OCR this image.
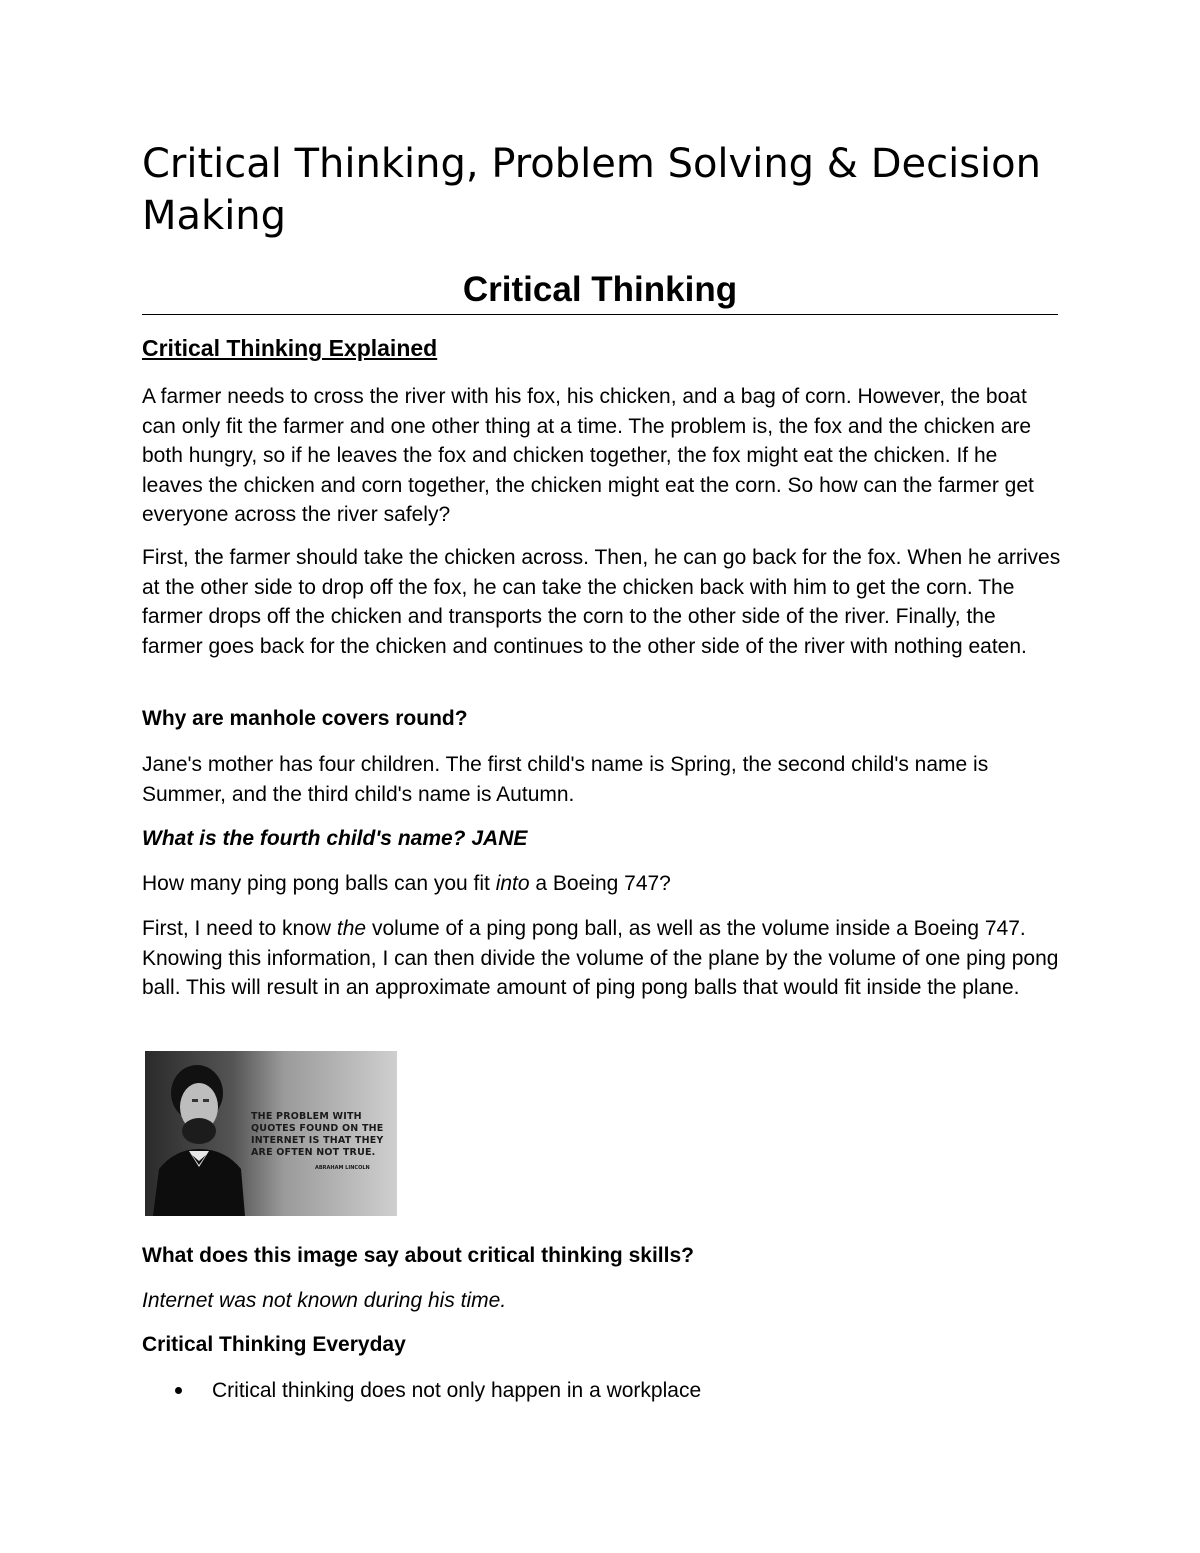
Critical Thinking, Problem Solving & Decision Making
Critical Thinking

Critical Thinking Explained

A farmer needs to cross the river with his fox, his chicken, and a bag of corn. However, the boat can only fit the farmer and one other thing at a time. The problem is, the fox and the chicken are both hungry, so if he leaves the fox and chicken together, the fox might eat the chicken. If he leaves the chicken and corn together, the chicken might eat the corn. So how can the farmer get everyone across the river safely?

First, the farmer should take the chicken across. Then, he can go back for the fox. When he arrives at the other side to drop off the fox, he can take the chicken back with him to get the corn. The farmer drops off the chicken and transports the corn to the other side of the river. Finally, the farmer goes back for the chicken and continues to the other side of the river with nothing eaten.

Why are manhole covers round?

Jane's mother has four children. The first child's name is Spring, the second child's name is Summer, and the third child's name is Autumn.

What is the fourth child's name? JANE

How many ping pong balls can you fit into a Boeing 747?

First, I need to know the volume of a ping pong ball, as well as the volume inside a Boeing 747. Knowing this information, I can then divide the volume of the plane by the volume of one ping pong ball. This will result in an approximate amount of ping pong balls that would fit inside the plane.

THE PROBLEM WITH QUOTES FOUND ON THE INTERNET IS THAT THEY ARE OFTEN NOT TRUE.
ABRAHAM LINCOLN

What does this image say about critical thinking skills?

Internet was not known during his time.

Critical Thinking Everyday

Critical thinking does not only happen in a workplace
